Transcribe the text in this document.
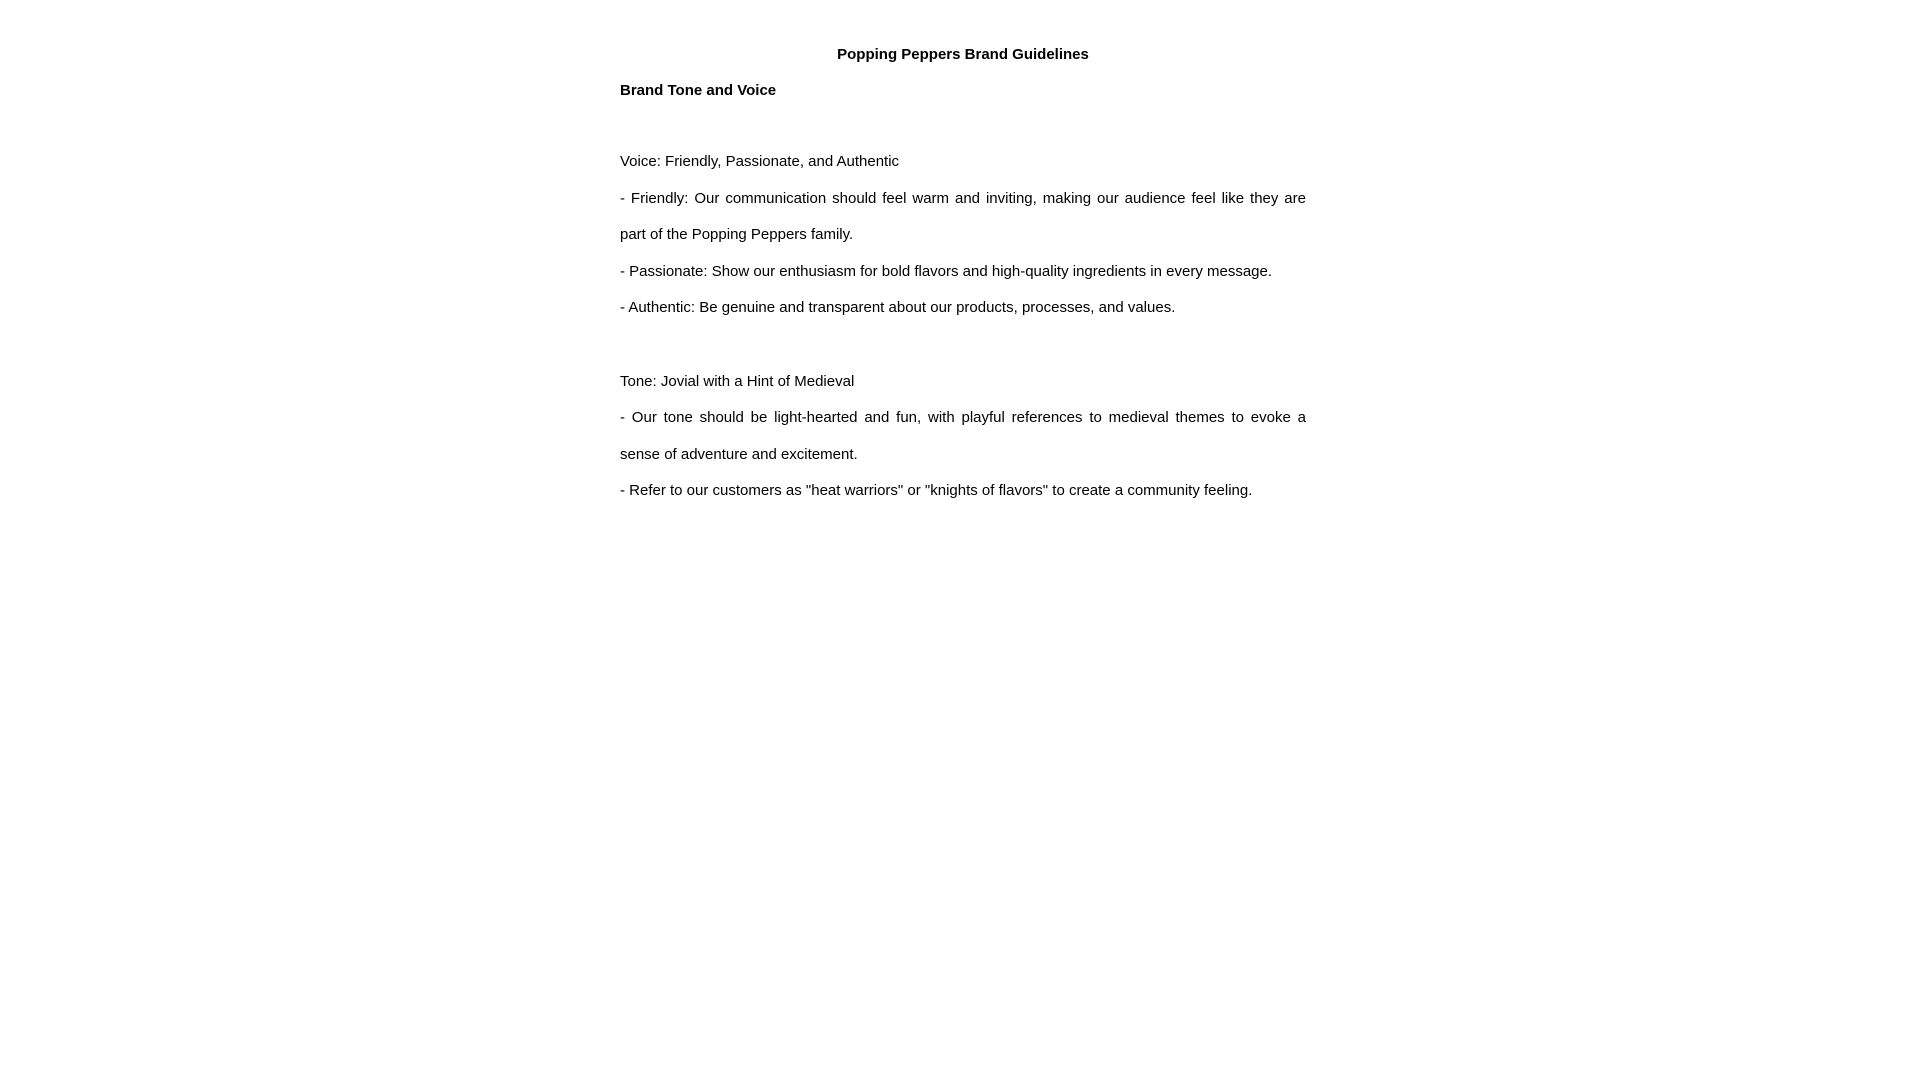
Popping Peppers Brand Guidelines

Brand Tone and Voice

Voice: Friendly, Passionate, and Authentic

- Friendly: Our communication should feel warm and inviting, making our audience feel like they are part of the Popping Peppers family.

- Passionate: Show our enthusiasm for bold flavors and high-quality ingredients in every message.

- Authentic: Be genuine and transparent about our products, processes, and values.

Tone: Jovial with a Hint of Medieval

- Our tone should be light-hearted and fun, with playful references to medieval themes to evoke a sense of adventure and excitement.

- Refer to our customers as "heat warriors" or "knights of flavors" to create a community feeling.
